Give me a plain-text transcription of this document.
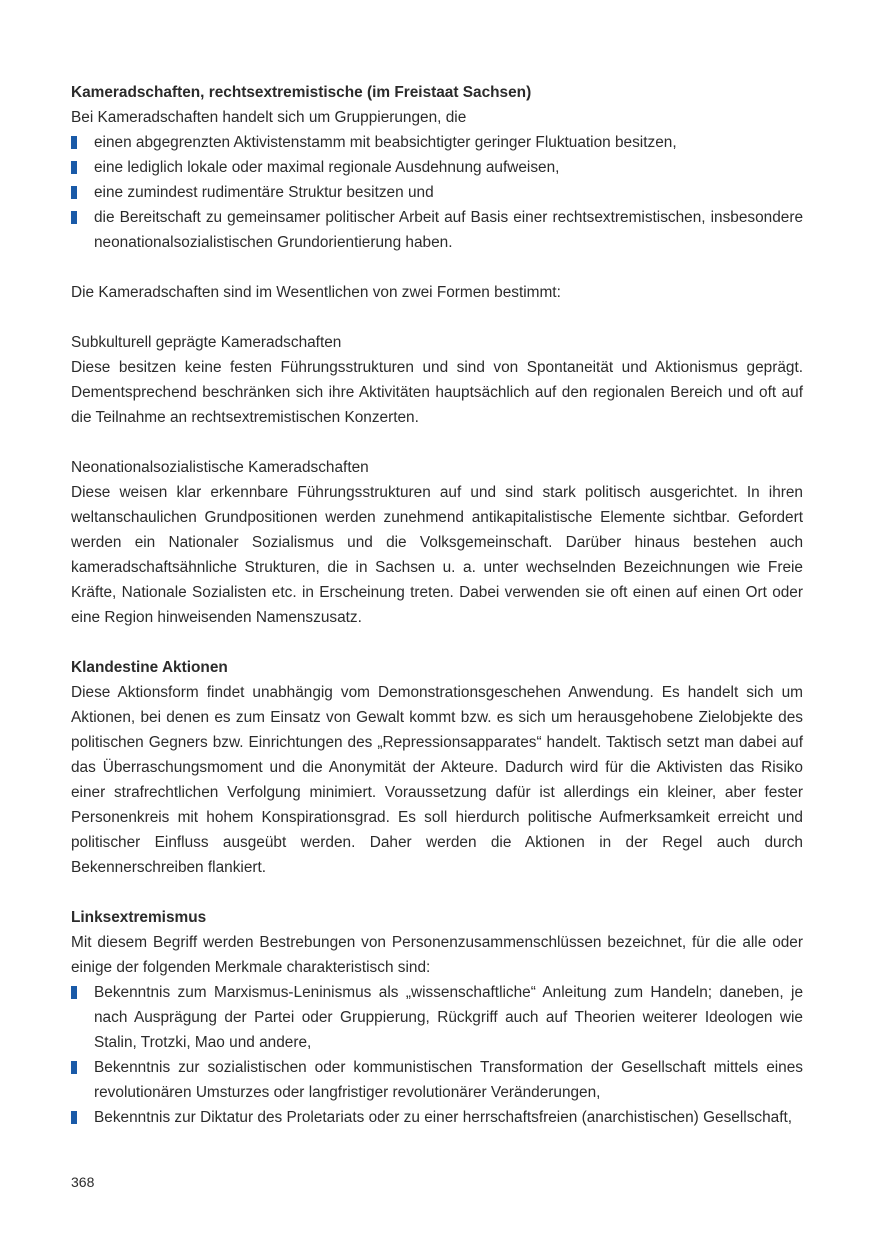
Kameradschaften, rechtsextremistische (im Freistaat Sachsen)

Bei Kameradschaften handelt sich um Gruppierungen, die

einen abgegrenzten Aktivistenstamm mit beabsichtigter geringer Fluktuation besitzen,
eine lediglich lokale oder maximal regionale Ausdehnung aufweisen,
eine zumindest rudimentäre Struktur besitzen und
die Bereitschaft zu gemeinsamer politischer Arbeit auf Basis einer rechtsextremistischen, insbesondere neonationalsozialistischen Grundorientierung haben.

Die Kameradschaften sind im Wesentlichen von zwei Formen bestimmt:

Subkulturell geprägte Kameradschaften

Diese besitzen keine festen Führungsstrukturen und sind von Spontaneität und Aktionismus geprägt. Dementsprechend beschränken sich ihre Aktivitäten hauptsächlich auf den regionalen Bereich und oft auf die Teilnahme an rechtsextremistischen Konzerten.

Neonationalsozialistische Kameradschaften

Diese weisen klar erkennbare Führungsstrukturen auf und sind stark politisch ausgerichtet. In ihren weltanschaulichen Grundpositionen werden zunehmend antikapitalistische Elemente sichtbar. Gefordert werden ein Nationaler Sozialismus und die Volksgemeinschaft. Darüber hinaus bestehen auch kameradschaftsähnliche Strukturen, die in Sachsen u. a. unter wechselnden Bezeichnungen wie Freie Kräfte, Nationale Sozialisten etc. in Erscheinung treten. Dabei verwenden sie oft einen auf einen Ort oder eine Region hinweisenden Namenszusatz.

Klandestine Aktionen

Diese Aktionsform findet unabhängig vom Demonstrationsgeschehen Anwendung. Es handelt sich um Aktionen, bei denen es zum Einsatz von Gewalt kommt bzw. es sich um herausgehobene Zielobjekte des politischen Gegners bzw. Einrichtungen des „Repressionsapparates“ handelt. Taktisch setzt man dabei auf das Überraschungsmoment und die Anonymität der Akteure. Dadurch wird für die Aktivisten das Risiko einer strafrechtlichen Verfolgung minimiert. Voraussetzung dafür ist allerdings ein kleiner, aber fester Personenkreis mit hohem Konspirationsgrad. Es soll hierdurch politische Aufmerksamkeit erreicht und politischer Einfluss ausgeübt werden. Daher werden die Aktionen in der Regel auch durch Bekennerschreiben flankiert.

Linksextremismus

Mit diesem Begriff werden Bestrebungen von Personenzusammenschlüssen bezeichnet, für die alle oder einige der folgenden Merkmale charakteristisch sind:

Bekenntnis zum Marxismus-Leninismus als „wissenschaftliche“ Anleitung zum Handeln; daneben, je nach Ausprägung der Partei oder Gruppierung, Rückgriff auch auf Theorien weiterer Ideologen wie Stalin, Trotzki, Mao und andere,
Bekenntnis zur sozialistischen oder kommunistischen Transformation der Gesellschaft mittels eines revolutionären Umsturzes oder langfristiger revolutionärer Veränderungen,
Bekenntnis zur Diktatur des Proletariats oder zu einer herrschaftsfreien (anarchistischen) Gesellschaft,
368
